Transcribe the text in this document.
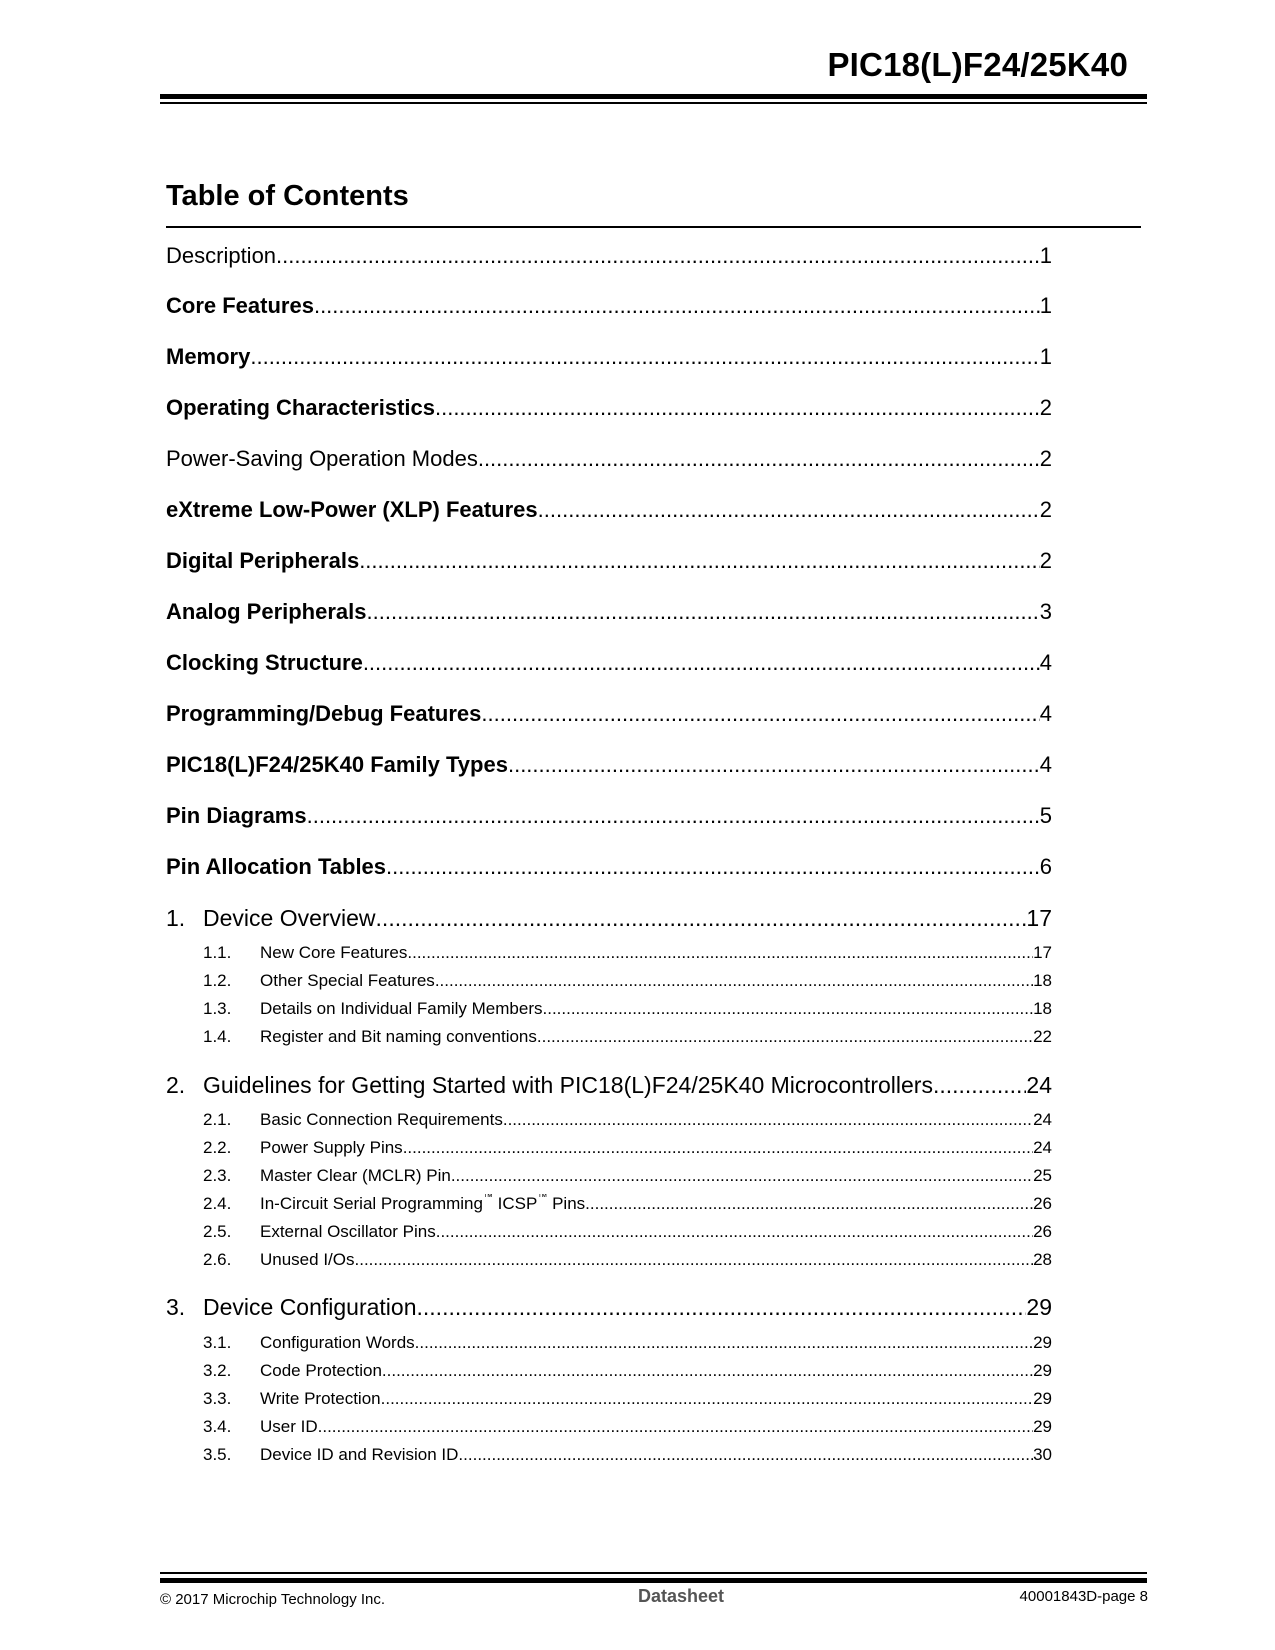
PIC18(L)F24/25K40
Table of Contents
Description .....	1
Core Features .....	1
Memory .....	1
Operating Characteristics .....	2
Power-Saving Operation Modes .....	2
eXtreme Low-Power (XLP) Features .....	2
Digital Peripherals .....	2
Analog Peripherals .....	3
Clocking Structure .....	4
Programming/Debug Features .....	4
PIC18(L)F24/25K40 Family Types .....	4
Pin Diagrams .....	5
Pin Allocation Tables .....	6
1. Device Overview .....	17
1.1. New Core Features .....	17
1.2. Other Special Features .....	18
1.3. Details on Individual Family Members .....	18
1.4. Register and Bit naming conventions .....	22
2. Guidelines for Getting Started with PIC18(L)F24/25K40 Microcontrollers .....	24
2.1. Basic Connection Requirements .....	24
2.2. Power Supply Pins .....	24
2.3. Master Clear (MCLR) Pin .....	25
2.4. In-Circuit Serial Programming™ ICSP™ Pins .....	26
2.5. External Oscillator Pins .....	26
2.6. Unused I/Os .....	28
3. Device Configuration .....	29
3.1. Configuration Words .....	29
3.2. Code Protection .....	29
3.3. Write Protection .....	29
3.4. User ID .....	29
3.5. Device ID and Revision ID .....	30
© 2017 Microchip Technology Inc.	Datasheet	40001843D-page 8
